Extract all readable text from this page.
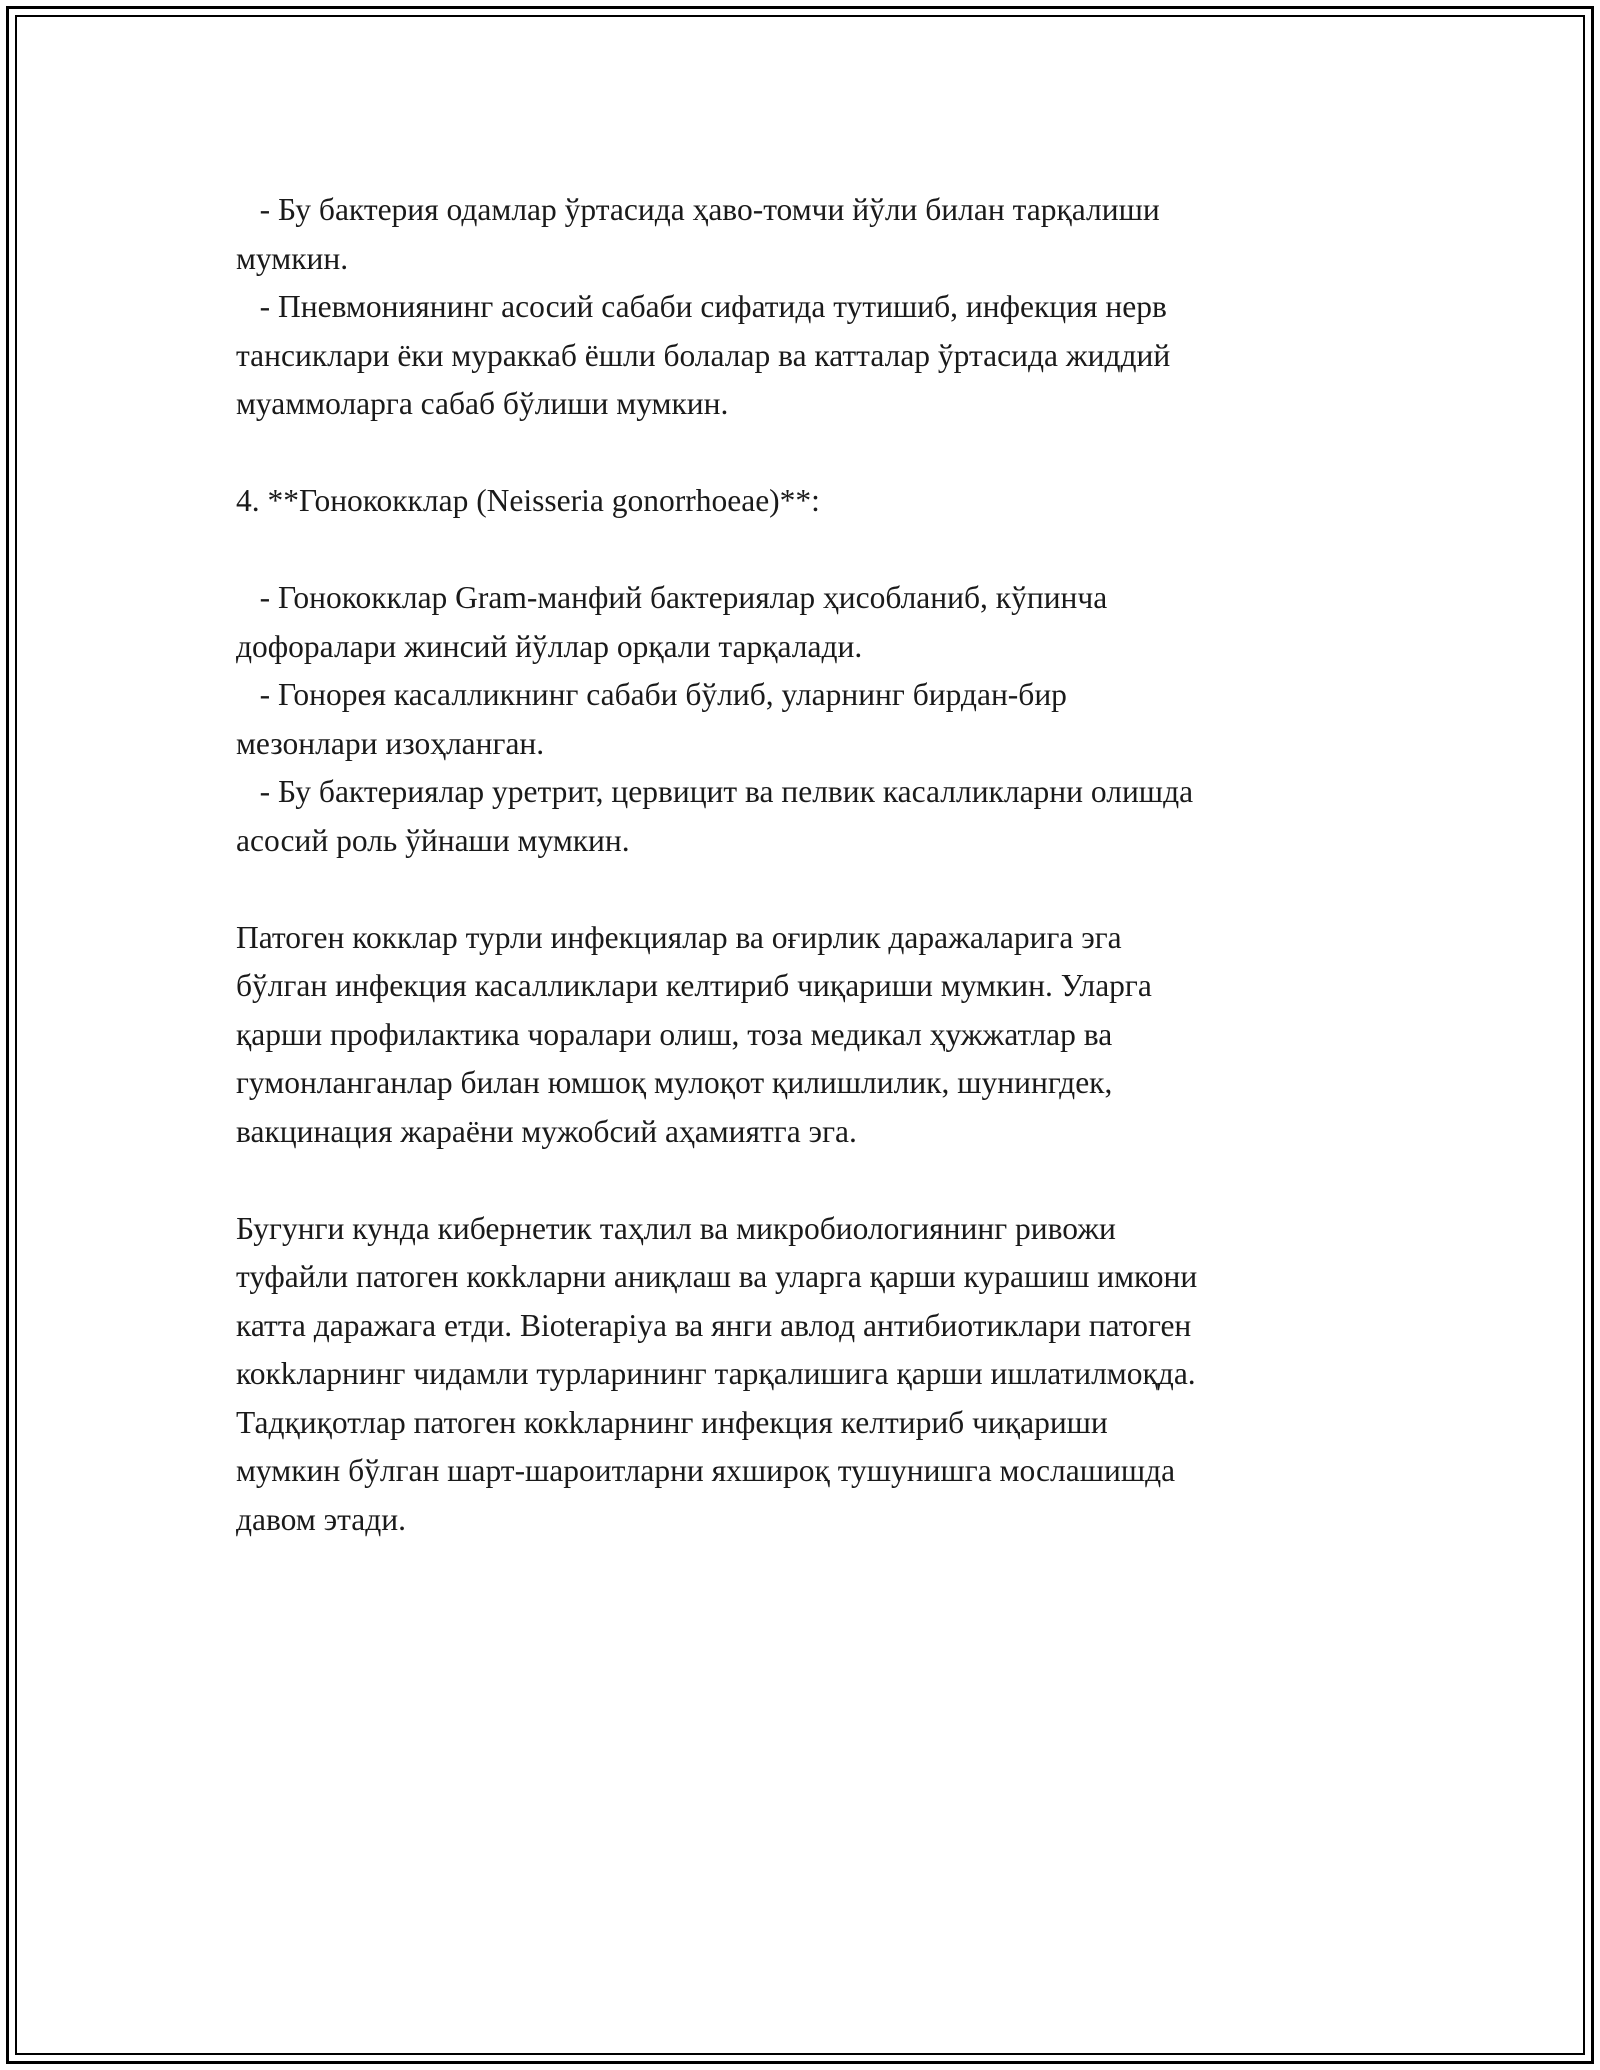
- Бу бактерия одамлар ўртасида ҳаво-томчи йўли билан тарқалиши
мумкин.
- Пневмониянинг асосий сабаби сифатида тутишиб, инфекция нерв
тансиклари ёки мураккаб ёшли болалар ва катталар ўртасида жиддий
муаммоларга сабаб бўлиши мумкин.
4. **Гонококклар (Neisseria gonorrhoeae)**:
- Гонококклар Gram-манфий бактериялар ҳисобланиб, кўпинча
дофоралари жинсий йўллар орқали тарқалади.
- Гонорея касалликнинг сабаби бўлиб, уларнинг бирдан-бир
мезонлари изоҳланган.
- Бу бактериялар уретрит, цервицит ва пелвик касалликларни олишда
асосий роль ўйнаши мумкин.
Патоген кокклар турли инфекциялар ва оғирлик даражаларига эга
бўлган инфекция касалликлари келтириб чиқариши мумкин. Уларга
қарши профилактика чоралари олиш, тоза медикал ҳужжатлар ва
гумонланганлар билан юмшоқ мулоқот қилишлилик, шунингдек,
вакцинация жараёни мужобсий аҳамиятга эга.
Бугунги кунда кибернетик таҳлил ва микробиологиянинг ривожи
туфайли патоген кокkларни аниқлаш ва уларга қарши курашиш имкони
катта даражага етди. Bioterapiya ва янги авлод антибиотиклари патоген
кокkларнинг чидамли турларининг тарқалишига қарши ишлатилмоқда.
Тадқиқотлар патоген кокkларнинг инфекция келтириб чиқариши
мумкин бўлган шарт-шароитларни яхшироқ тушунишга мослашишда
давом этади.
